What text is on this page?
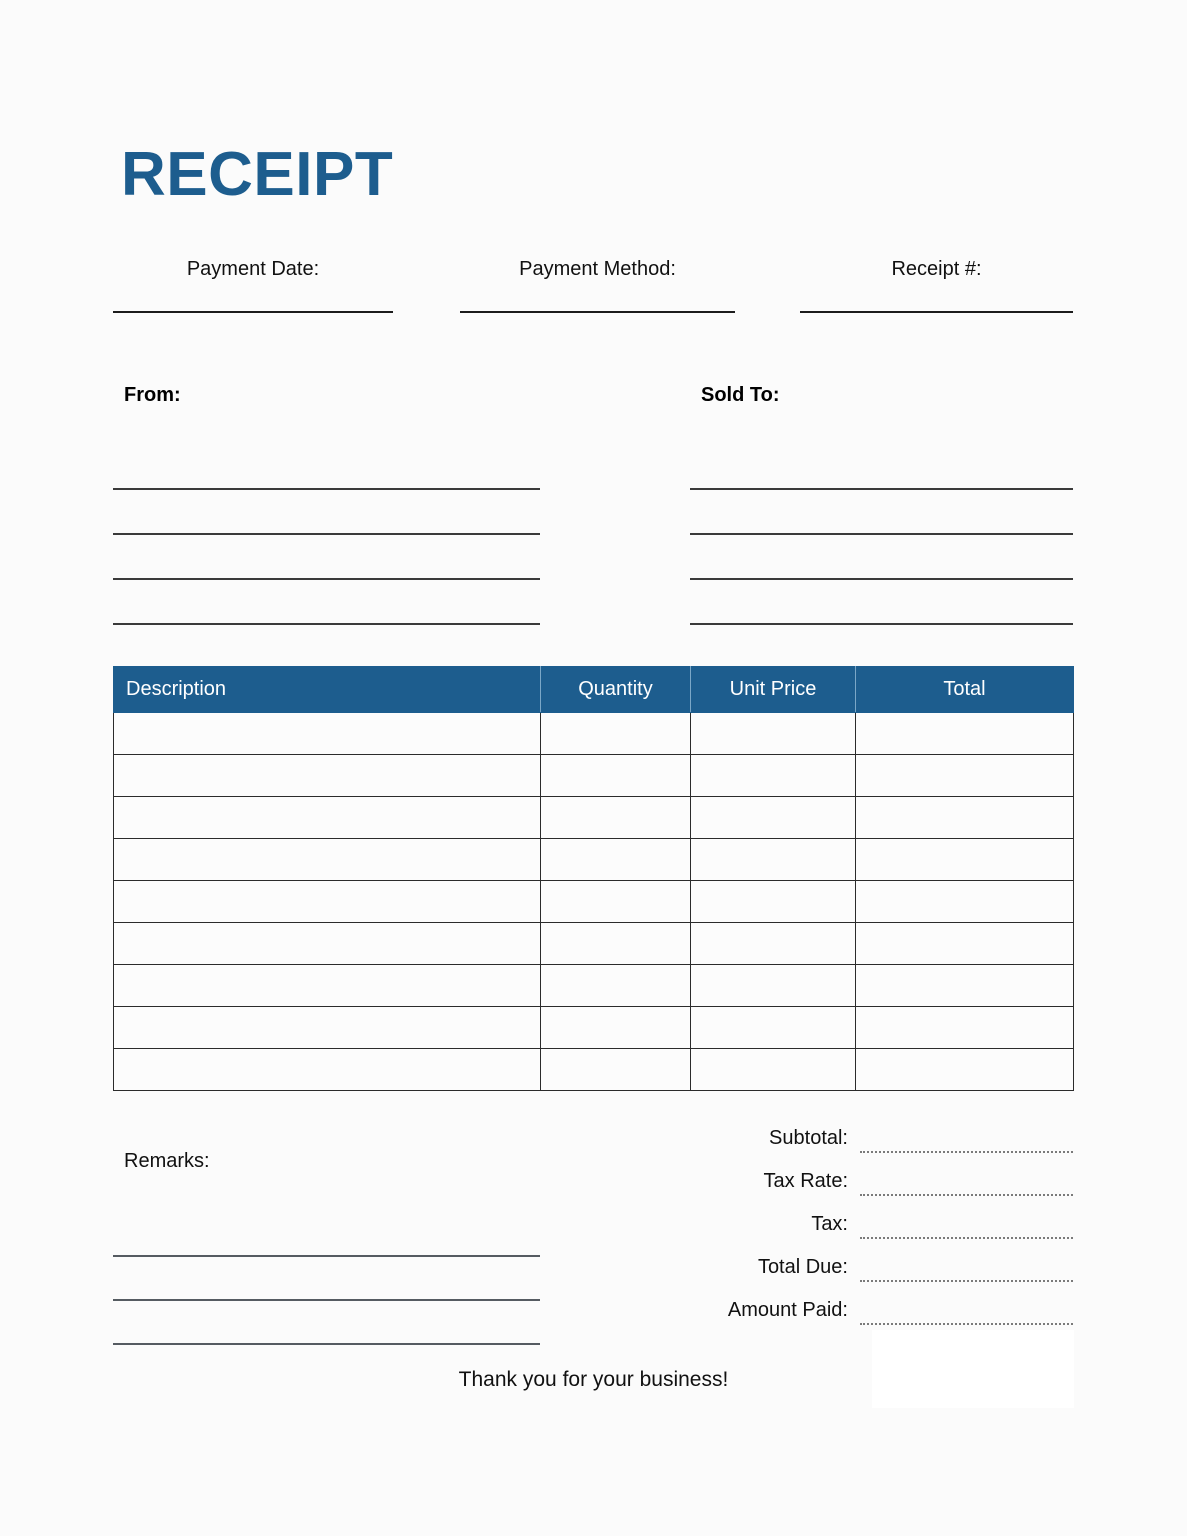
RECEIPT
Payment Date:	Payment Method:	Receipt #:
From:	Sold To:
Description	Quantity	Unit Price	Total

Remarks:
Subtotal:
Tax Rate:
Tax:
Total Due:
Amount Paid:
Thank you for your business!
